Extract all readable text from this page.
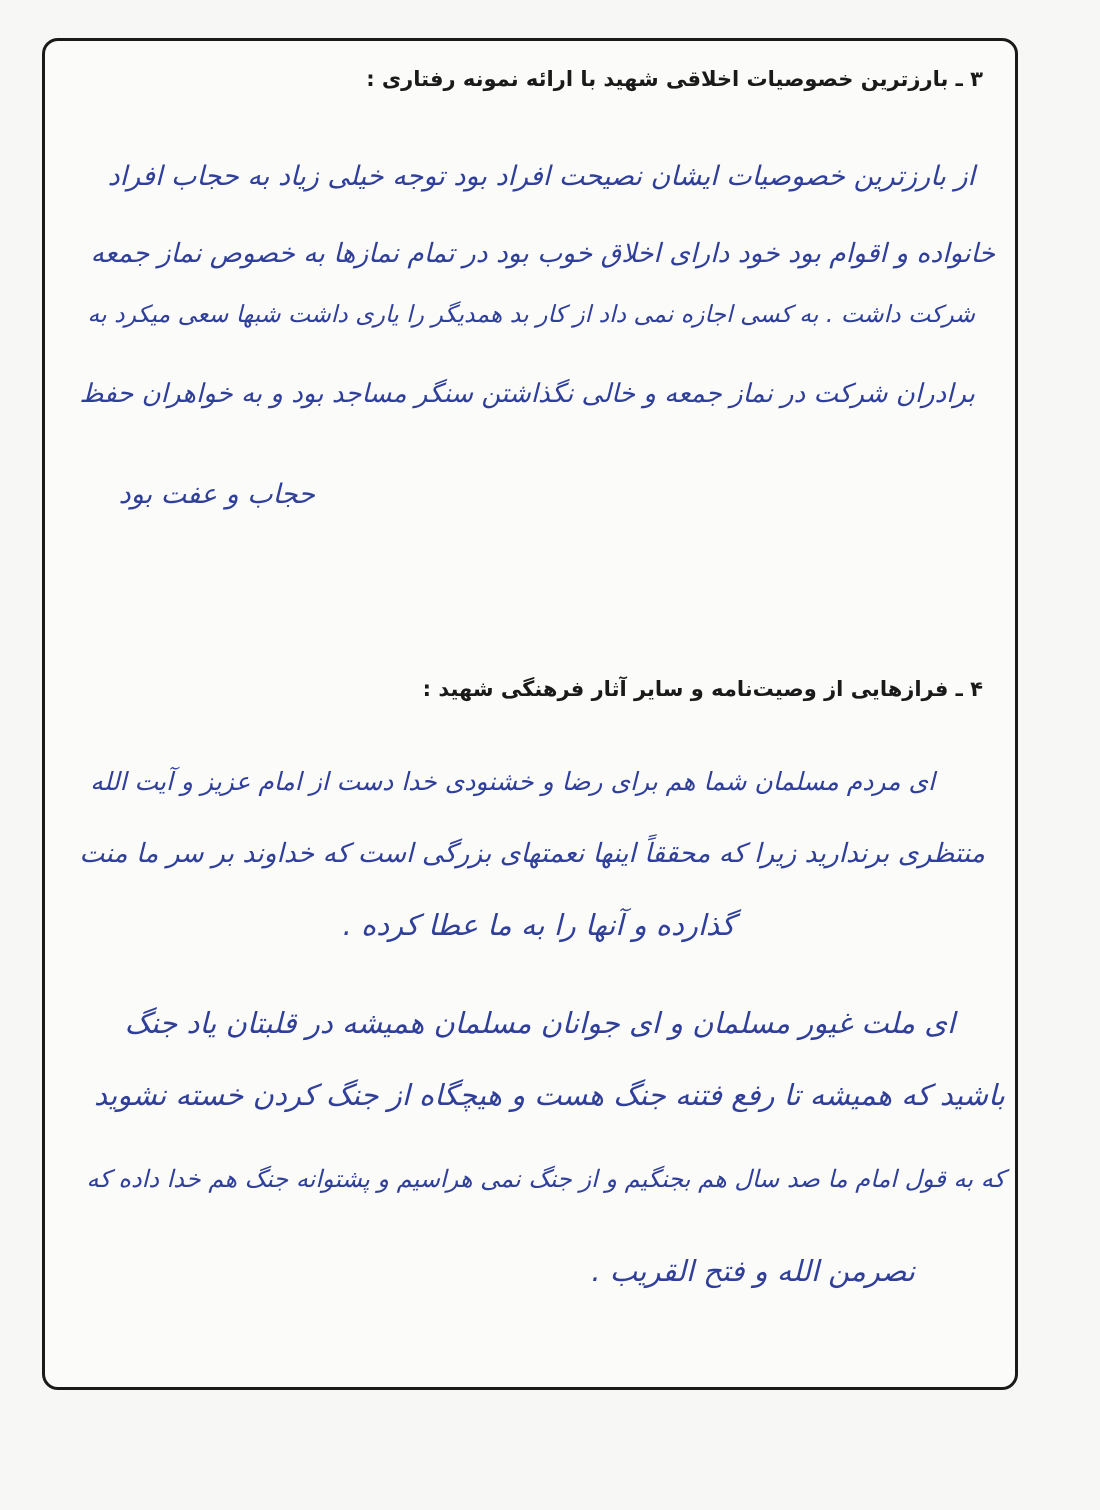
۳ ـ بارزترین خصوصیات اخلاقی شهید با ارائه نمونه رفتاری :
از بارزترین خصوصیات ایشان نصیحت افراد بود توجه خیلی زیاد به حجاب افراد
خانواده و اقوام بود خود دارای اخلاق خوب بود در تمام نمازها به خصوص نماز جمعه
شرکت داشت . به کسی اجازه نمی داد از کار بد همدیگر را یاری داشت شبها سعی میکرد به
برادران شرکت در نماز جمعه و خالی نگذاشتن سنگر مساجد بود و به خواهران حفظ
حجاب و عفت بود
۴ ـ فرازهایی از وصیت‌نامه و سایر آثار فرهنگی شهید :
ای مردم مسلمان شما هم برای رضا و خشنودی خدا دست از امام عزیز و آیت الله
منتظری برندارید زیرا که محققاً اینها نعمتهای بزرگی است که خداوند بر سر ما منت
گذارده و آنها را به ما عطا کرده .
ای ملت غیور مسلمان و ای جوانان مسلمان همیشه در قلبتان یاد جنگ
باشید که همیشه تا رفع فتنه جنگ هست و هیچگاه از جنگ کردن خسته نشوید
که به قول امام ما صد سال هم بجنگیم و از جنگ نمی هراسیم و پشتوانه جنگ هم خدا داده که
نصرمن الله و فتح القریب .
